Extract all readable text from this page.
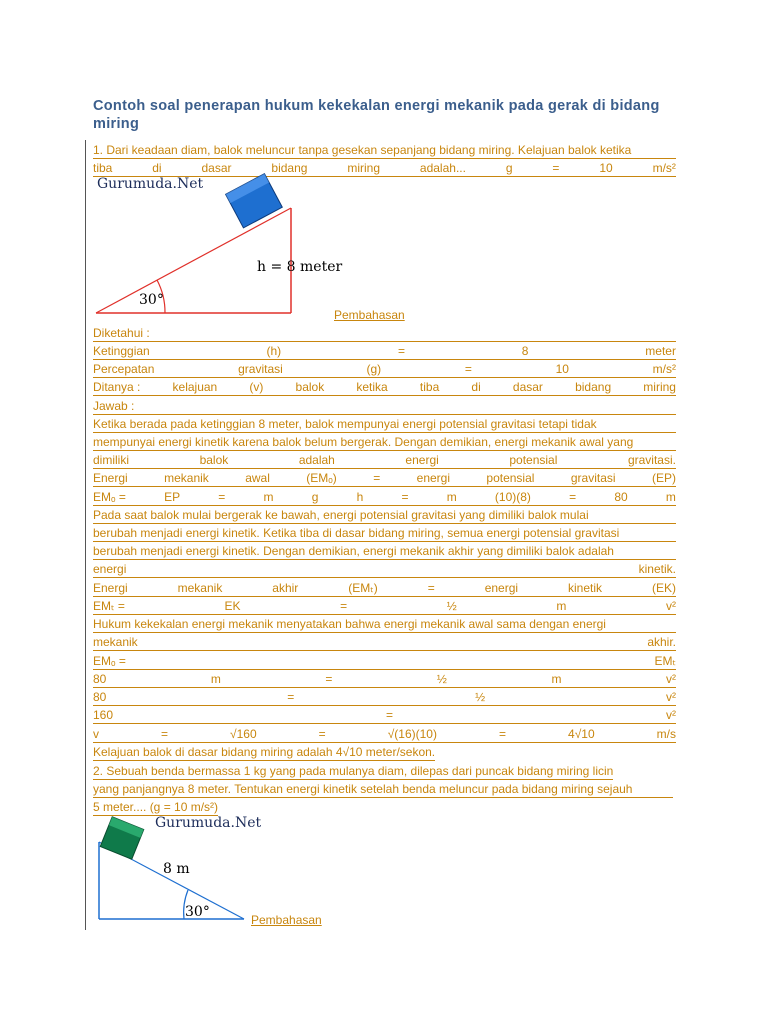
Contoh soal penerapan hukum kekekalan energi mekanik pada gerak di bidang miring
1. Dari keadaan diam, balok meluncur tanpa gesekan sepanjang bidang miring. Kelajuan balok ketika
tiba	di	dasar	bidang	miring	adalah...	g	=	10	m/s²
Gurumuda.Net
h = 8 meter
30°
Pembahasan
Diketahui :
Ketinggian	(h)	=	8	meter
Percepatan	gravitasi	(g)	=	10	m/s²
Ditanya :	kelajuan	(v)	balok	ketika	tiba	di	dasar	bidang	miring
Jawab :
Ketika berada pada ketinggian 8 meter, balok mempunyai energi potensial gravitasi tetapi tidak
mempunyai energi kinetik karena balok belum bergerak. Dengan demikian, energi mekanik awal yang
dimiliki	balok	adalah	energi	potensial	gravitasi.
Energi	mekanik	awal	(EMₒ)	=	energi	potensial	gravitasi	(EP)
EMₒ =	EP	=	m	g	h	=	m	(10)(8)	=	80	m
Pada saat balok mulai bergerak ke bawah, energi potensial gravitasi yang dimiliki balok mulai
berubah menjadi energi kinetik. Ketika tiba di dasar bidang miring, semua energi potensial gravitasi
berubah menjadi energi kinetik. Dengan demikian, energi mekanik akhir yang dimiliki balok adalah
energi	kinetik.
Energi	mekanik	akhir	(EMₜ)	=	energi	kinetik	(EK)
EMₜ =	EK	=	½	m	v²
Hukum kekekalan energi mekanik menyatakan bahwa energi mekanik awal sama dengan energi
mekanik	akhir.
EMₒ =	EMₜ
80	m	=	½	m	v²
80	=	½	v²
160	=	v²
v	=	√160	=	√(16)(10)	=	4√10	m/s
Kelajuan balok di dasar bidang miring adalah 4√10 meter/sekon.
2. Sebuah benda bermassa 1 kg yang pada mulanya diam, dilepas dari puncak bidang miring licin
yang panjangnya 8 meter. Tentukan energi kinetik setelah benda meluncur pada bidang miring sejauh
5 meter.... (g = 10 m/s²)
Gurumuda.Net
8 m
30°	Pembahasan
